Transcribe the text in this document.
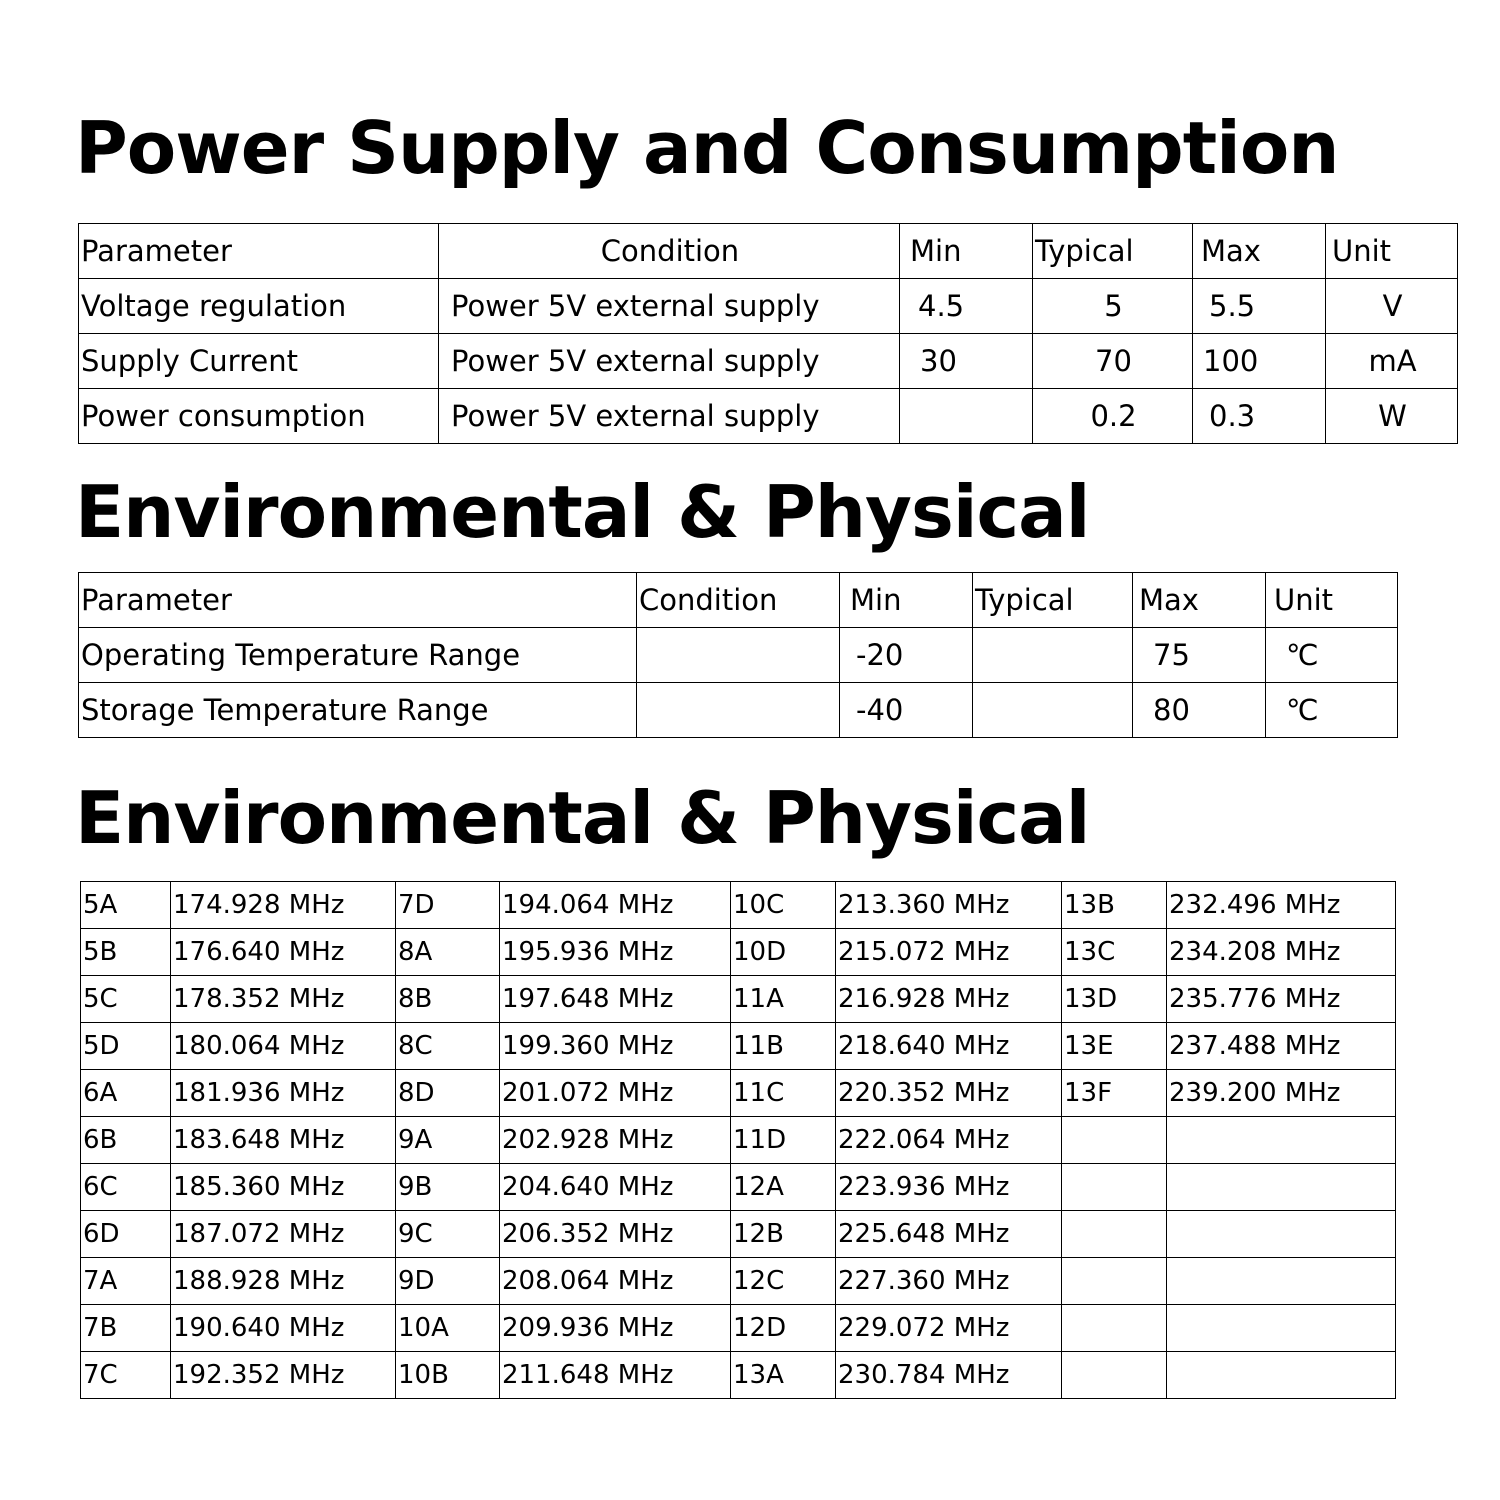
Power Supply and Consumption
Parameter	Condition	Min	Typical	Max	Unit
Voltage regulation	Power 5V external supply	4.5	5	5.5	V
Supply Current	Power 5V external supply	30	70	100	mA
Power consumption	Power 5V external supply		0.2	0.3	W
Environmental & Physical
Parameter	Condition	Min	Typical	Max	Unit
Operating Temperature Range		-20		75	℃
Storage Temperature Range		-40		80	℃
Environmental & Physical
5A	174.928 MHz	7D	194.064 MHz	10C	213.360 MHz	13B	232.496 MHz
5B	176.640 MHz	8A	195.936 MHz	10D	215.072 MHz	13C	234.208 MHz
5C	178.352 MHz	8B	197.648 MHz	11A	216.928 MHz	13D	235.776 MHz
5D	180.064 MHz	8C	199.360 MHz	11B	218.640 MHz	13E	237.488 MHz
6A	181.936 MHz	8D	201.072 MHz	11C	220.352 MHz	13F	239.200 MHz
6B	183.648 MHz	9A	202.928 MHz	11D	222.064 MHz		
6C	185.360 MHz	9B	204.640 MHz	12A	223.936 MHz		
6D	187.072 MHz	9C	206.352 MHz	12B	225.648 MHz		
7A	188.928 MHz	9D	208.064 MHz	12C	227.360 MHz		
7B	190.640 MHz	10A	209.936 MHz	12D	229.072 MHz		
7C	192.352 MHz	10B	211.648 MHz	13A	230.784 MHz		
